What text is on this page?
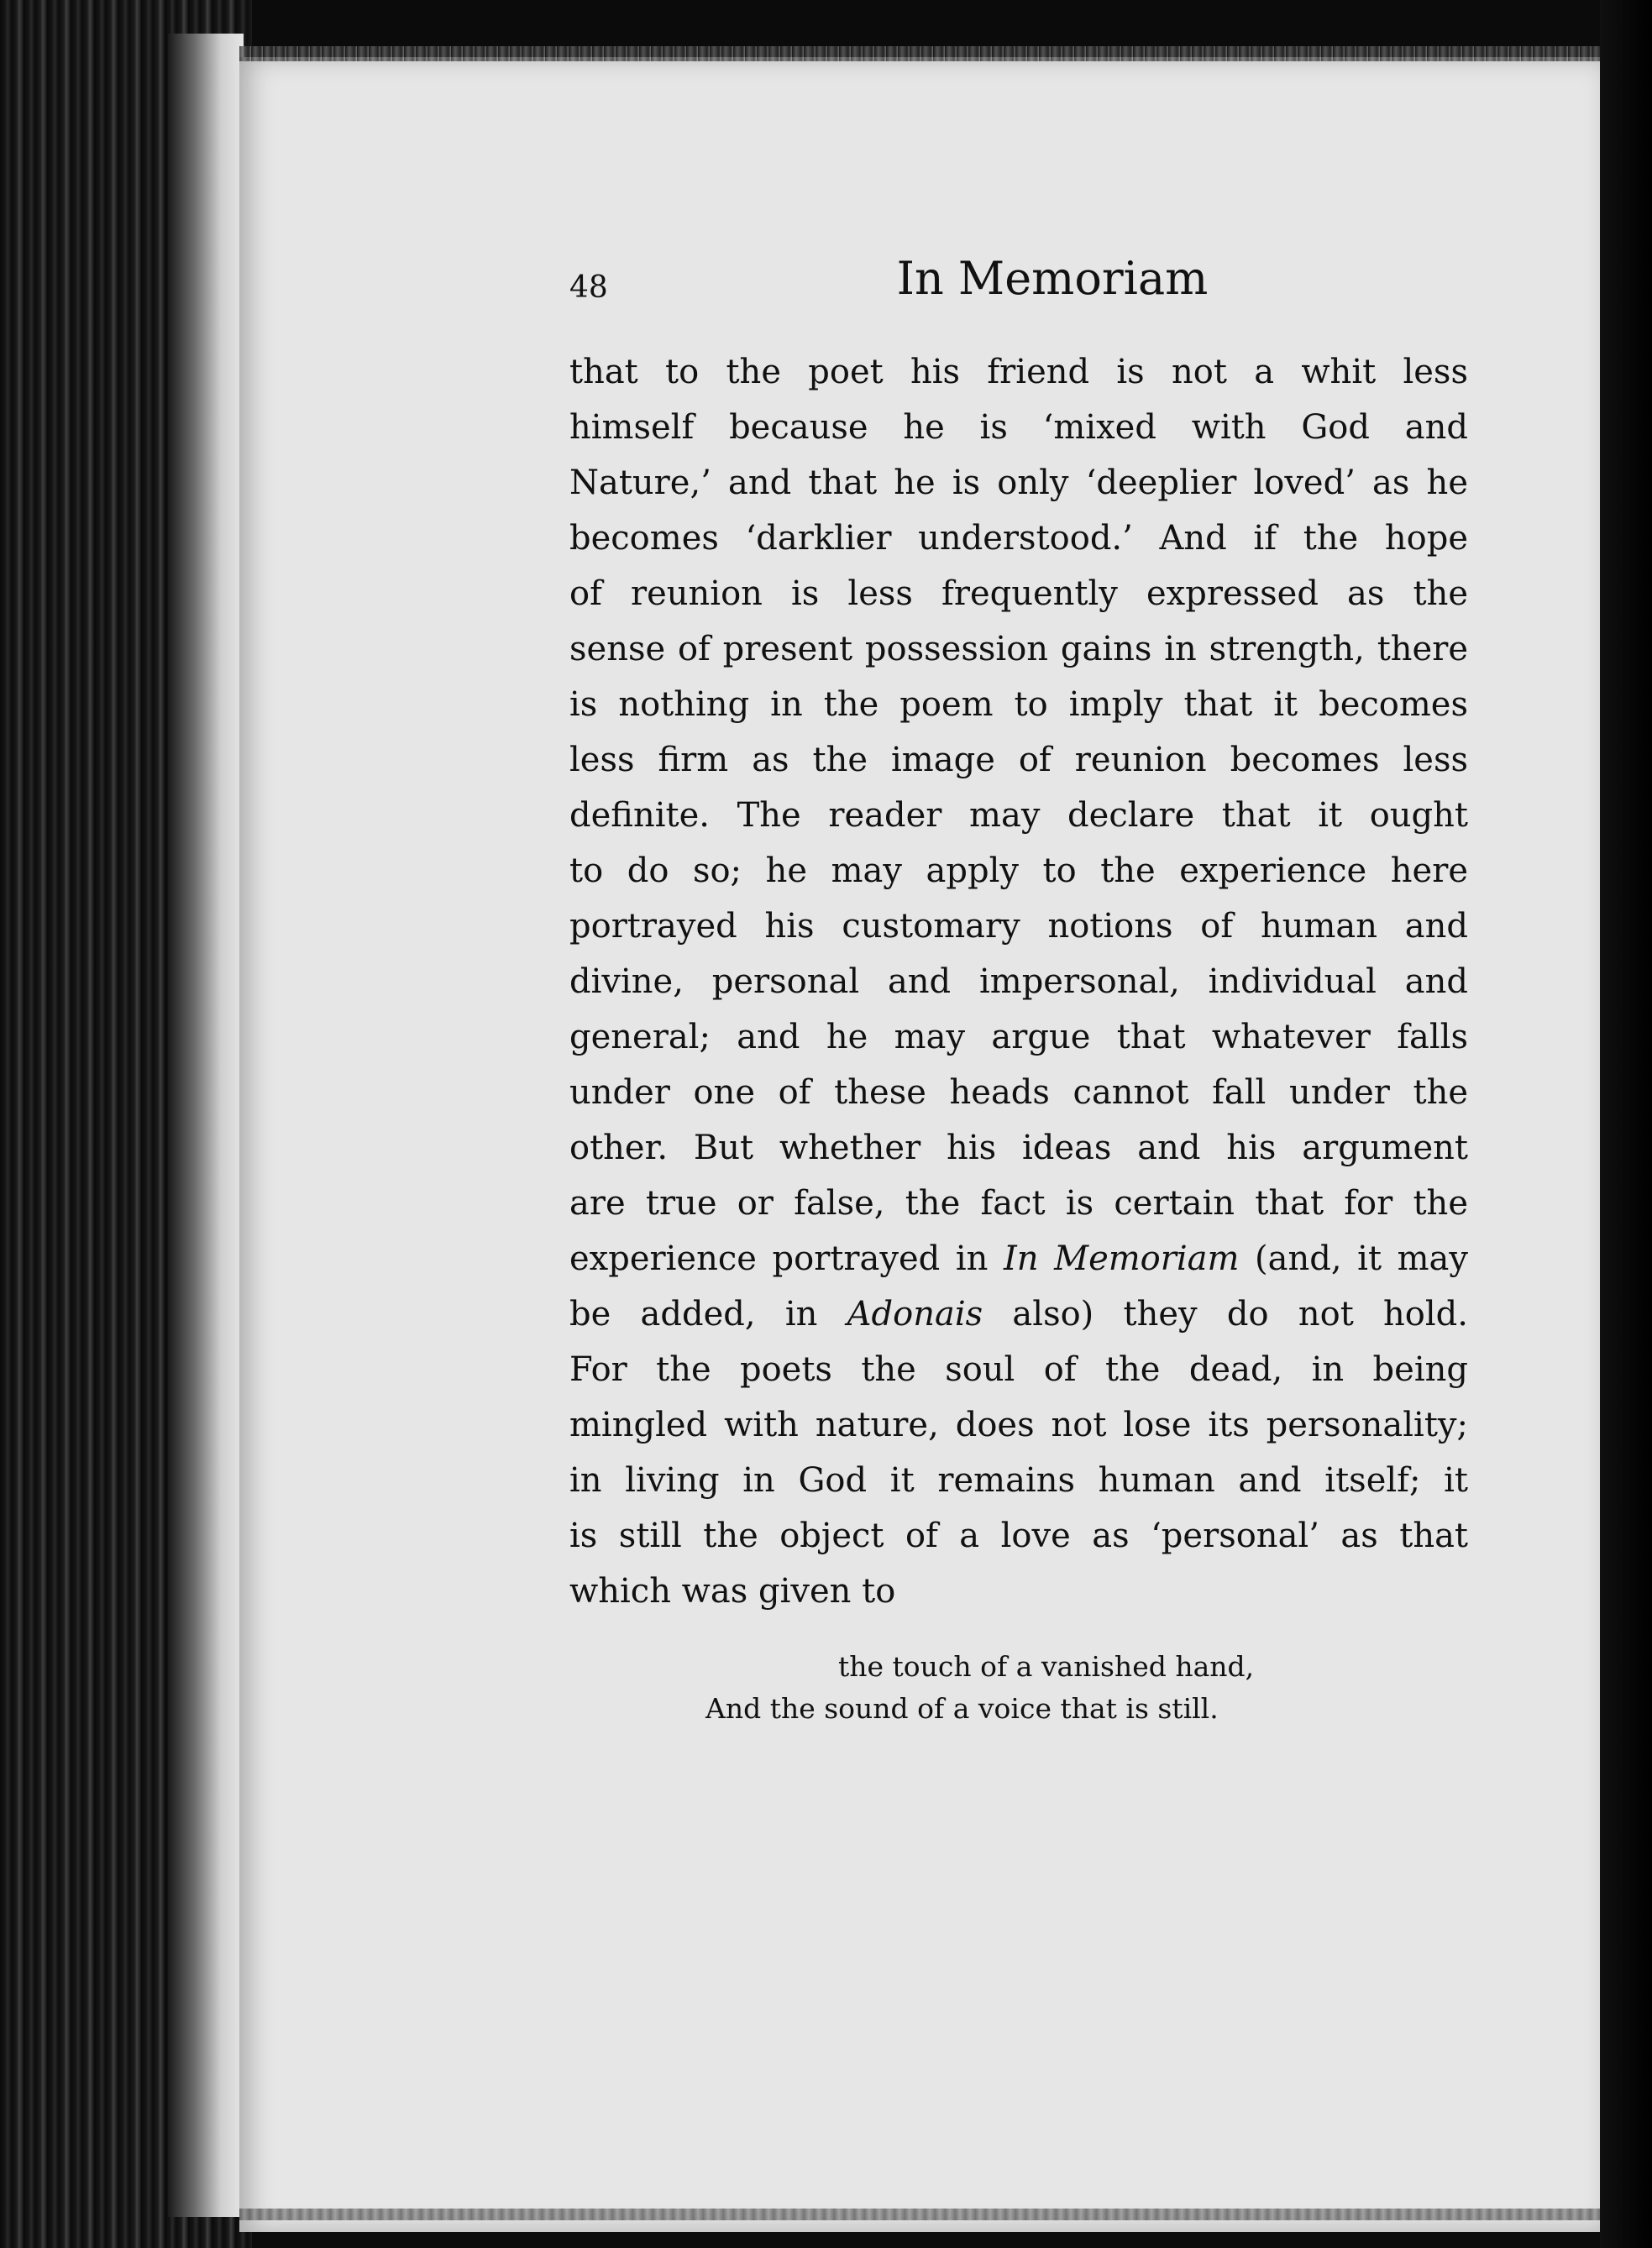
48	In Memoriam
that to the poet his friend is not a whit less
himself because he is ‘mixed with God and
Nature,’ and that he is only ‘deeplier loved’ as he
becomes ‘darklier understood.’ And if the hope
of reunion is less frequently expressed as the
sense of present possession gains in strength, there
is nothing in the poem to imply that it becomes
less firm as the image of reunion becomes less
definite. The reader may declare that it ought
to do so; he may apply to the experience here
portrayed his customary notions of human and
divine, personal and impersonal, individual and
general; and he may argue that whatever falls
under one of these heads cannot fall under the
other. But whether his ideas and his argument
are true or false, the fact is certain that for the
experience portrayed in In Memoriam (and, it may
be added, in Adonais also) they do not hold.
For the poets the soul of the dead, in being
mingled with nature, does not lose its personality;
in living in God it remains human and itself; it
is still the object of a love as ‘personal’ as that
which was given to
the touch of a vanished hand,
And the sound of a voice that is still.
